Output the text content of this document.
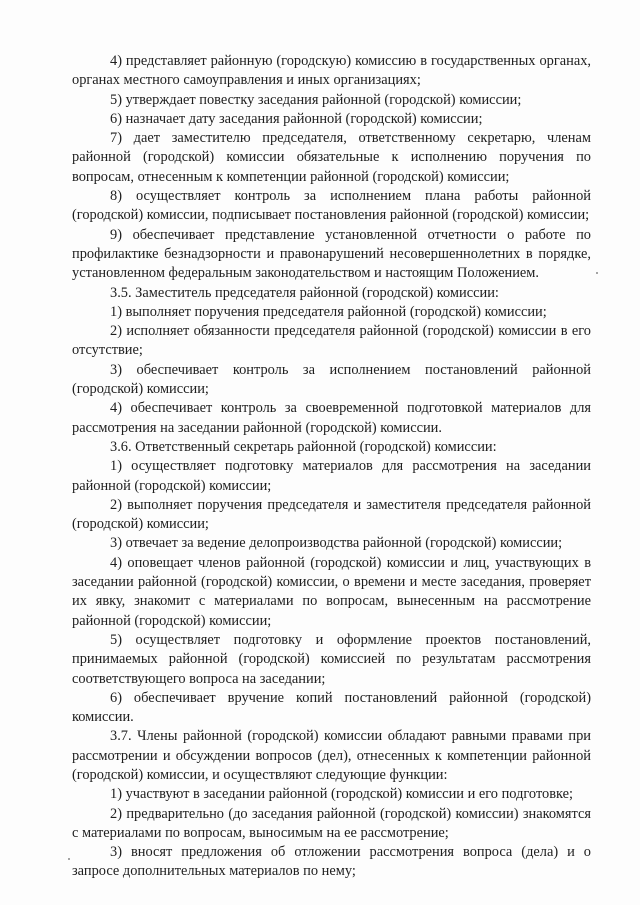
4) представляет районную (городскую) комиссию в государственных органах, органах местного самоуправления и иных организациях;

5) утверждает повестку заседания районной (городской) комиссии;

6) назначает дату заседания районной (городской) комиссии;

7) дает заместителю председателя, ответственному секретарю, членам районной (городской) комиссии обязательные к исполнению поручения по вопросам, отнесенным к компетенции районной (городской) комиссии;

8) осуществляет контроль за исполнением плана работы районной (городской) комиссии, подписывает постановления районной (городской) комиссии;

9) обеспечивает представление установленной отчетности о работе по профилактике безнадзорности и правонарушений несовершеннолетних в порядке, установленном федеральным законодательством и настоящим Положением.

3.5. Заместитель председателя районной (городской) комиссии:

1) выполняет поручения председателя районной (городской) комиссии;

2) исполняет обязанности председателя районной (городской) комиссии в его отсутствие;

3) обеспечивает контроль за исполнением постановлений районной (городской) комиссии;

4) обеспечивает контроль за своевременной подготовкой материалов для рассмотрения на заседании районной (городской) комиссии.

3.6. Ответственный секретарь районной (городской) комиссии:

1) осуществляет подготовку материалов для рассмотрения на заседании районной (городской) комиссии;

2) выполняет поручения председателя и заместителя председателя районной (городской) комиссии;

3) отвечает за ведение делопроизводства районной (городской) комиссии;

4) оповещает членов районной (городской) комиссии и лиц, участвующих в заседании районной (городской) комиссии, о времени и месте заседания, проверяет их явку, знакомит с материалами по вопросам, вынесенным на рассмотрение районной (городской) комиссии;

5) осуществляет подготовку и оформление проектов постановлений, принимаемых районной (городской) комиссией по результатам рассмотрения соответствующего вопроса на заседании;

6) обеспечивает вручение копий постановлений районной (городской) комиссии.

3.7. Члены районной (городской) комиссии обладают равными правами при рассмотрении и обсуждении вопросов (дел), отнесенных к компетенции районной (городской) комиссии, и осуществляют следующие функции:

1) участвуют в заседании районной (городской) комиссии и его подготовке;

2) предварительно (до заседания районной (городской) комиссии) знакомятся с материалами по вопросам, выносимым на ее рассмотрение;

3) вносят предложения об отложении рассмотрения вопроса (дела) и о запросе дополнительных материалов по нему;
